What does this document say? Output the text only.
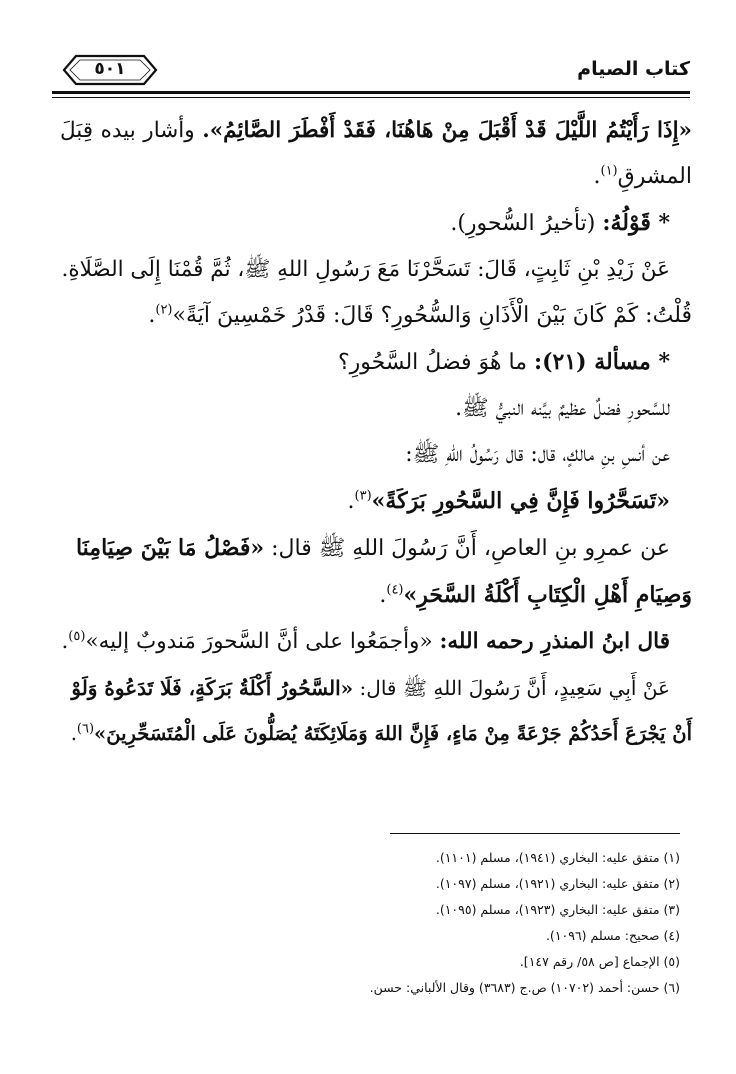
كتاب الصيام
٥٠١

«إِذَا رَأَيْتُمُ اللَّيْلَ قَدْ أَقْبَلَ مِنْ هَاهُنَا، فَقَدْ أَفْطَرَ الصَّائِمُ». وأشار بيده قِبَلَ

المشرقِ$^{(١)}$.

* قَوْلُهُ: (تأخيرُ السُّحورِ).

عَنْ زَيْدِ بْنِ ثَابِتٍ، قَالَ: تَسَحَّرْنَا مَعَ رَسُولِ اللهِ ﷺ، ثُمَّ قُمْنَا إِلَى الصَّلَاةِ.

قُلْتُ: كَمْ كَانَ بَيْنَ الْأَذَانِ وَالسُّحُورِ؟ قَالَ: قَدْرُ خَمْسِينَ آيَةً»$^{(٢)}$.

* مسألة (٢١): ما هُوَ فضلُ السَّحُورِ؟

للسَّحورِ فضلٌ عظيمٌ بيَّنه النبيُّ ﷺ.

عن أنسِ بنِ مالكٍ، قال: قال رَسُولُ اللهِ ﷺ:

«تَسَحَّرُوا فَإِنَّ فِي السَّحُورِ بَرَكَةً»$^{(٣)}$.

عن عمرِو بنِ العاصِ، أَنَّ رَسُولَ اللهِ ﷺ قال: «فَصْلُ مَا بَيْنَ صِيَامِنَا

وَصِيَامِ أَهْلِ الْكِتَابِ أَكْلَةُ السَّحَرِ»$^{(٤)}$.

قال ابنُ المنذرِ رحمه الله: «وأجمَعُوا على أنَّ السَّحورَ مَندوبٌ إليه»$^{(٥)}$.

عَنْ أَبِي سَعِيدٍ، أَنَّ رَسُولَ اللهِ ﷺ قال: «السَّحُورُ أَكْلَةُ بَرَكَةٍ، فَلَا تَدَعُوهُ وَلَوْ

أَنْ يَجْرَعَ أَحَدُكُمْ جَرْعَةً مِنْ مَاءٍ، فَإِنَّ اللهَ وَمَلَائِكَتَهُ يُصَلُّونَ عَلَى الْمُتَسَحِّرِينَ»$^{(٦)}$.

(١) متفق عليه: البخاري (١٩٤١)، مسلم (١١٠١).

(٢) متفق عليه: البخاري (١٩٢١)، مسلم (١٠٩٧).

(٣) متفق عليه: البخاري (١٩٢٣)، مسلم (١٠٩٥).

(٤) صحيح: مسلم (١٠٩٦).

(٥) الإجماع [ص ٥٨/ رقم ١٤٧].

(٦) حسن: أحمد (١٠٧٠٢) ص.ج (٣٦٨٣) وقال الألباني: حسن.
